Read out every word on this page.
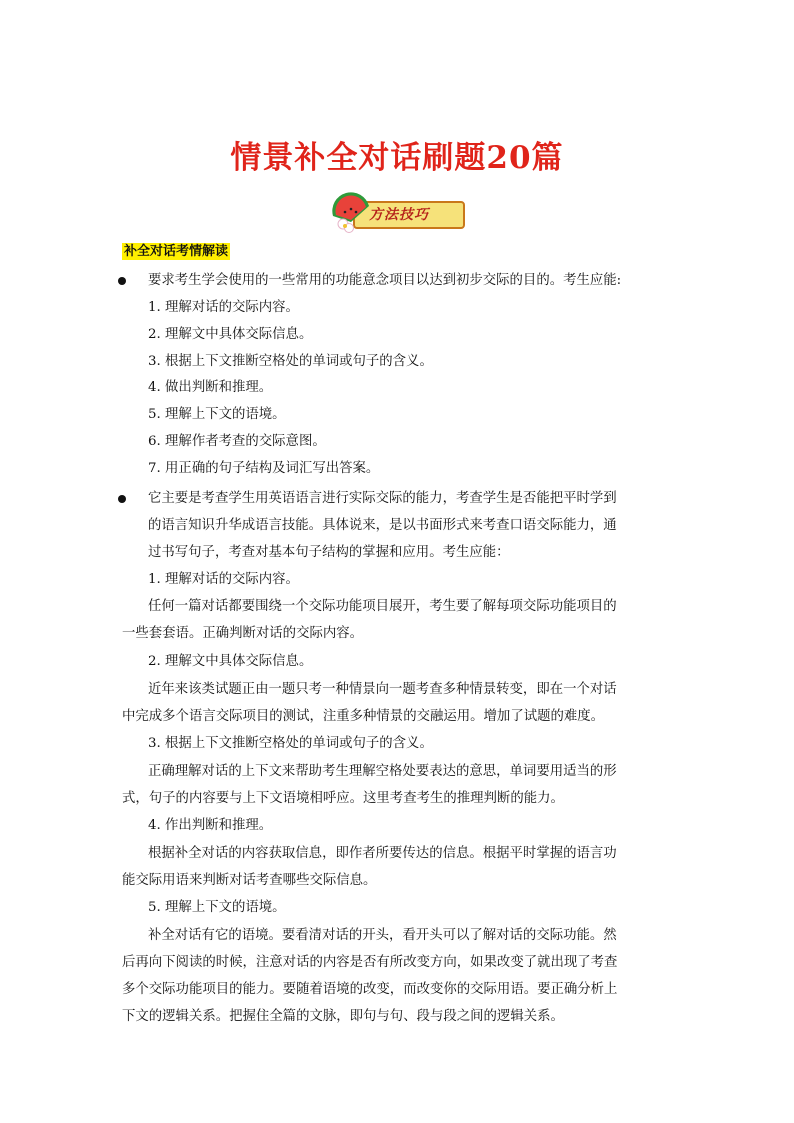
情景补全对话刷题20篇
方法技巧
补全对话考情解读

要求考生学会使用的一些常用的功能意念项目以达到初步交际的目的。考生应能:

1. 理解对话的交际内容。

2. 理解文中具体交际信息。

3. 根据上下文推断空格处的单词或句子的含义。

4. 做出判断和推理。

5. 理解上下文的语境。

6. 理解作者考查的交际意图。

7. 用正确的句子结构及词汇写出答案。

它主要是考查学生用英语语言进行实际交际的能力，考查学生是否能把平时学到

的语言知识升华成语言技能。具体说来，是以书面形式来考查口语交际能力，通

过书写句子，考查对基本句子结构的掌握和应用。考生应能：

1. 理解对话的交际内容。

任何一篇对话都要围绕一个交际功能项目展开，考生要了解每项交际功能项目的

一些套套语。正确判断对话的交际内容。

2. 理解文中具体交际信息。

近年来该类试题正由一题只考一种情景向一题考查多种情景转变，即在一个对话

中完成多个语言交际项目的测试，注重多种情景的交融运用。增加了试题的难度。

3. 根据上下文推断空格处的单词或句子的含义。

正确理解对话的上下文来帮助考生理解空格处要表达的意思，单词要用适当的形

式，句子的内容要与上下文语境相呼应。这里考查考生的推理判断的能力。

4. 作出判断和推理。

根据补全对话的内容获取信息，即作者所要传达的信息。根据平时掌握的语言功

能交际用语来判断对话考查哪些交际信息。

5. 理解上下文的语境。

补全对话有它的语境。要看清对话的开头，看开头可以了解对话的交际功能。然

后再向下阅读的时候，注意对话的内容是否有所改变方向，如果改变了就出现了考查

多个交际功能项目的能力。要随着语境的改变，而改变你的交际用语。要正确分析上

下文的逻辑关系。把握住全篇的文脉，即句与句、段与段之间的逻辑关系。
